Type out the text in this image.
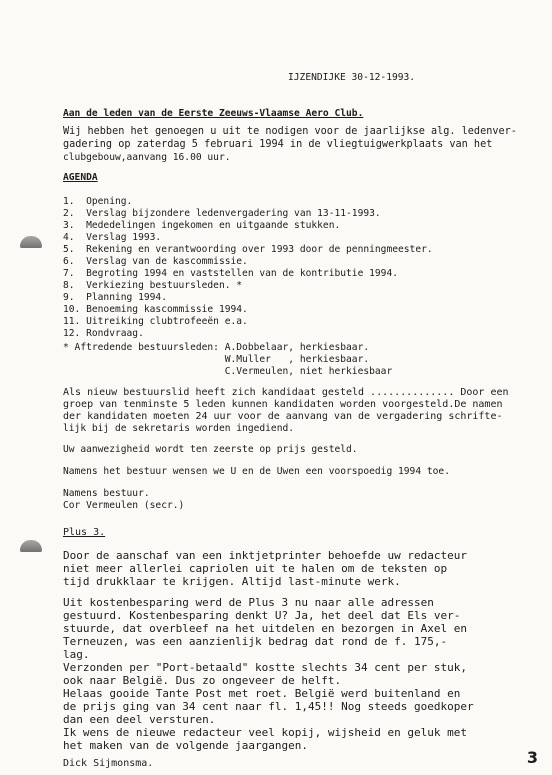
IJZENDIJKE 30-12-1993.
Aan de leden van de Eerste Zeeuws-Vlaamse Aero Club.
Wij hebben het genoegen u uit te nodigen voor de jaarlijkse alg. ledenver-
gadering op zaterdag 5 februari 1994 in de vliegtuigwerkplaats van het
clubgebouw,aanvang 16.00 uur.
AGENDA
1.  Opening.
2.  Verslag bijzondere ledenvergadering van 13-11-1993.
3.  Mededelingen ingekomen en uitgaande stukken.
4.  Verslag 1993.
5.  Rekening en verantwoording over 1993 door de penningmeester.
6.  Verslag van de kascommissie.
7.  Begroting 1994 en vaststellen van de kontributie 1994.
8.  Verkiezing bestuursleden. *
9.  Planning 1994.
10. Benoeming kascommissie 1994.
11. Uitreiking clubtrofeeën e.a.
12. Rondvraag.
* Aftredende bestuursleden: A.Dobbelaar, herkiesbaar.
W.Muller   , herkiesbaar.
C.Vermeulen, niet herkiesbaar
Als nieuw bestuurslid heeft zich kandidaat gesteld .............. Door een
groep van tenminste 5 leden kunnen kandidaten worden voorgesteld.De namen
der kandidaten moeten 24 uur voor de aanvang van de vergadering schrifte-
lijk bij de sekretaris worden ingediend.
Uw aanwezigheid wordt ten zeerste op prijs gesteld.
Namens het bestuur wensen we U en de Uwen een voorspoedig 1994 toe.
Namens bestuur.
Cor Vermeulen (secr.)
Plus 3.
Door de aanschaf van een inktjetprinter behoefde uw redacteur
niet meer allerlei capriolen uit te halen om de teksten op
tijd drukklaar te krijgen. Altijd last-minute werk.
Uit kostenbesparing werd de Plus 3 nu naar alle adressen
gestuurd. Kostenbesparing denkt U? Ja, het deel dat Els ver-
stuurde, dat overbleef na het uitdelen en bezorgen in Axel en
Terneuzen, was een aanzienlijk bedrag dat rond de f. 175,-
lag.
Verzonden per "Port-betaald" kostte slechts 34 cent per stuk,
ook naar België. Dus zo ongeveer de helft.
Helaas gooide Tante Post met roet. België werd buitenland en
de prijs ging van 34 cent naar fl. 1,45!! Nog steeds goedkoper
dan een deel versturen.
Ik wens de nieuwe redacteur veel kopij, wijsheid en geluk met
het maken van de volgende jaargangen.
Dick Sijmonsma.	3
